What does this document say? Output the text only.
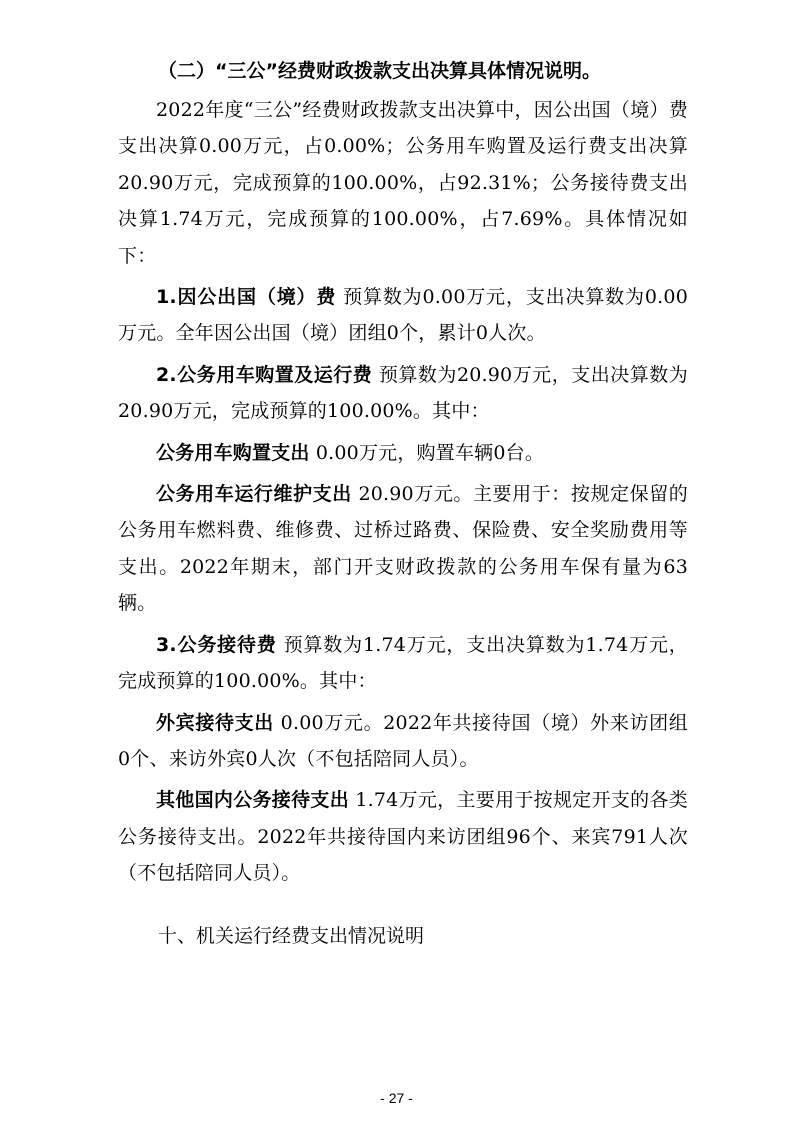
（二）“三公”经费财政拨款支出决算具体情况说明。

2022年度“三公”经费财政拨款支出决算中，因公出国（境）费支出决算0.00万元，占0.00%；公务用车购置及运行费支出决算20.90万元，完成预算的100.00%，占92.31%；公务接待费支出决算1.74万元，完成预算的100.00%，占7.69%。具体情况如下：

1.因公出国（境）费 预算数为0.00万元，支出决算数为0.00万元。全年因公出国（境）团组0个，累计0人次。

2.公务用车购置及运行费 预算数为20.90万元，支出决算数为20.90万元，完成预算的100.00%。其中：

公务用车购置支出 0.00万元，购置车辆0台。

公务用车运行维护支出 20.90万元。主要用于：按规定保留的公务用车燃料费、维修费、过桥过路费、保险费、安全奖励费用等支出。2022年期末，部门开支财政拨款的公务用车保有量为63辆。

3.公务接待费 预算数为1.74万元，支出决算数为1.74万元，完成预算的100.00%。其中：

外宾接待支出 0.00万元。2022年共接待国（境）外来访团组0个、来访外宾0人次（不包括陪同人员）。

其他国内公务接待支出 1.74万元，主要用于按规定开支的各类公务接待支出。2022年共接待国内来访团组96个、来宾791人次（不包括陪同人员）。

十、机关运行经费支出情况说明

- 27 -
